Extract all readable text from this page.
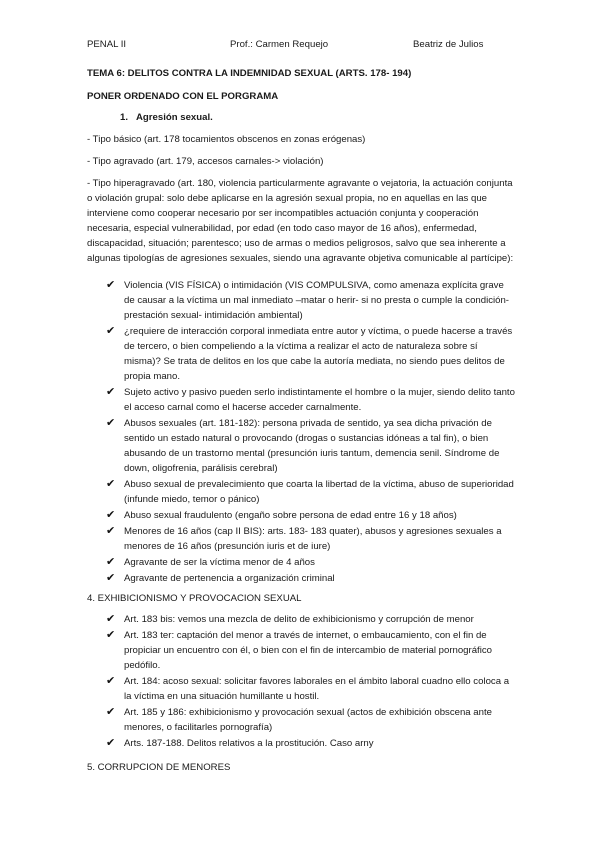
PENAL II	Prof.: Carmen Requejo	Beatriz de Julios
TEMA 6: DELITOS CONTRA LA INDEMNIDAD SEXUAL (ARTS. 178- 194)
PONER ORDENADO CON EL PORGRAMA
1. Agresión sexual.
- Tipo básico (art. 178 tocamientos obscenos en zonas erógenas)
- Tipo agravado (art. 179, accesos carnales-> violación)
- Tipo hiperagravado (art. 180, violencia particularmente agravante o vejatoria, la actuación conjunta o violación grupal: solo debe aplicarse en la agresión sexual propia, no en aquellas en las que interviene como cooperar necesario por ser incompatibles actuación conjunta y cooperación necesaria, especial vulnerabilidad, por edad (en todo caso mayor de 16 años), enfermedad, discapacidad, situación; parentesco; uso de armas o medios peligrosos, salvo que sea inherente a algunas tipologías de agresiones sexuales, siendo una agravante objetiva comunicable al partícipe):
✔ Violencia (VIS FÍSICA) o intimidación (VIS COMPULSIVA, como amenaza explícita grave de causar a la víctima un mal inmediato –matar o herir- si no presta o cumple la condición- prestación sexual- intimidación ambiental)
✔ ¿requiere de interacción corporal inmediata entre autor y víctima, o puede hacerse a través de tercero, o bien compeliendo a la víctima a realizar el acto de naturaleza sobre sí misma)? Se trata de delitos en los que cabe la autoría mediata, no siendo pues delitos de propia mano.
✔ Sujeto activo y pasivo pueden serlo indistintamente el hombre o la mujer, siendo delito tanto el acceso carnal como el hacerse acceder carnalmente.
✔ Abusos sexuales (art. 181-182): persona privada de sentido, ya sea dicha privación de sentido un estado natural o provocando (drogas o sustancias idóneas a tal fin), o bien abusando de un trastorno mental (presunción iuris tantum, demencia senil. Síndrome de down, oligofrenia, parálisis cerebral)
✔ Abuso sexual de prevalecimiento que coarta la libertad de la víctima, abuso de superioridad (infunde miedo, temor o pánico)
✔ Abuso sexual fraudulento (engaño sobre persona de edad entre 16 y 18 años)
✔ Menores de 16 años (cap II BIS): arts. 183- 183 quater), abusos y agresiones sexuales a menores de 16 años (presunción iuris et de iure)
✔ Agravante de ser la víctima menor de 4 años
✔ Agravante de pertenencia a organización criminal
4. EXHIBICIONISMO Y PROVOCACION SEXUAL
✔ Art. 183 bis: vemos una mezcla de delito de exhibicionismo y corrupción de menor
✔ Art. 183 ter: captación del menor a través de internet, o embaucamiento, con el fin de propiciar un encuentro con él, o bien con el fin de intercambio de material pornográfico pedófilo.
✔ Art. 184: acoso sexual: solicitar favores laborales en el ámbito laboral cuadno ello coloca a la víctima en una situación humillante u hostil.
✔ Art. 185 y 186: exhibicionismo y provocación sexual (actos de exhibición obscena ante menores, o facilitarles pornografía)
✔ Arts. 187-188. Delitos relativos a la prostitución. Caso arny
5. CORRUPCION DE MENORES
